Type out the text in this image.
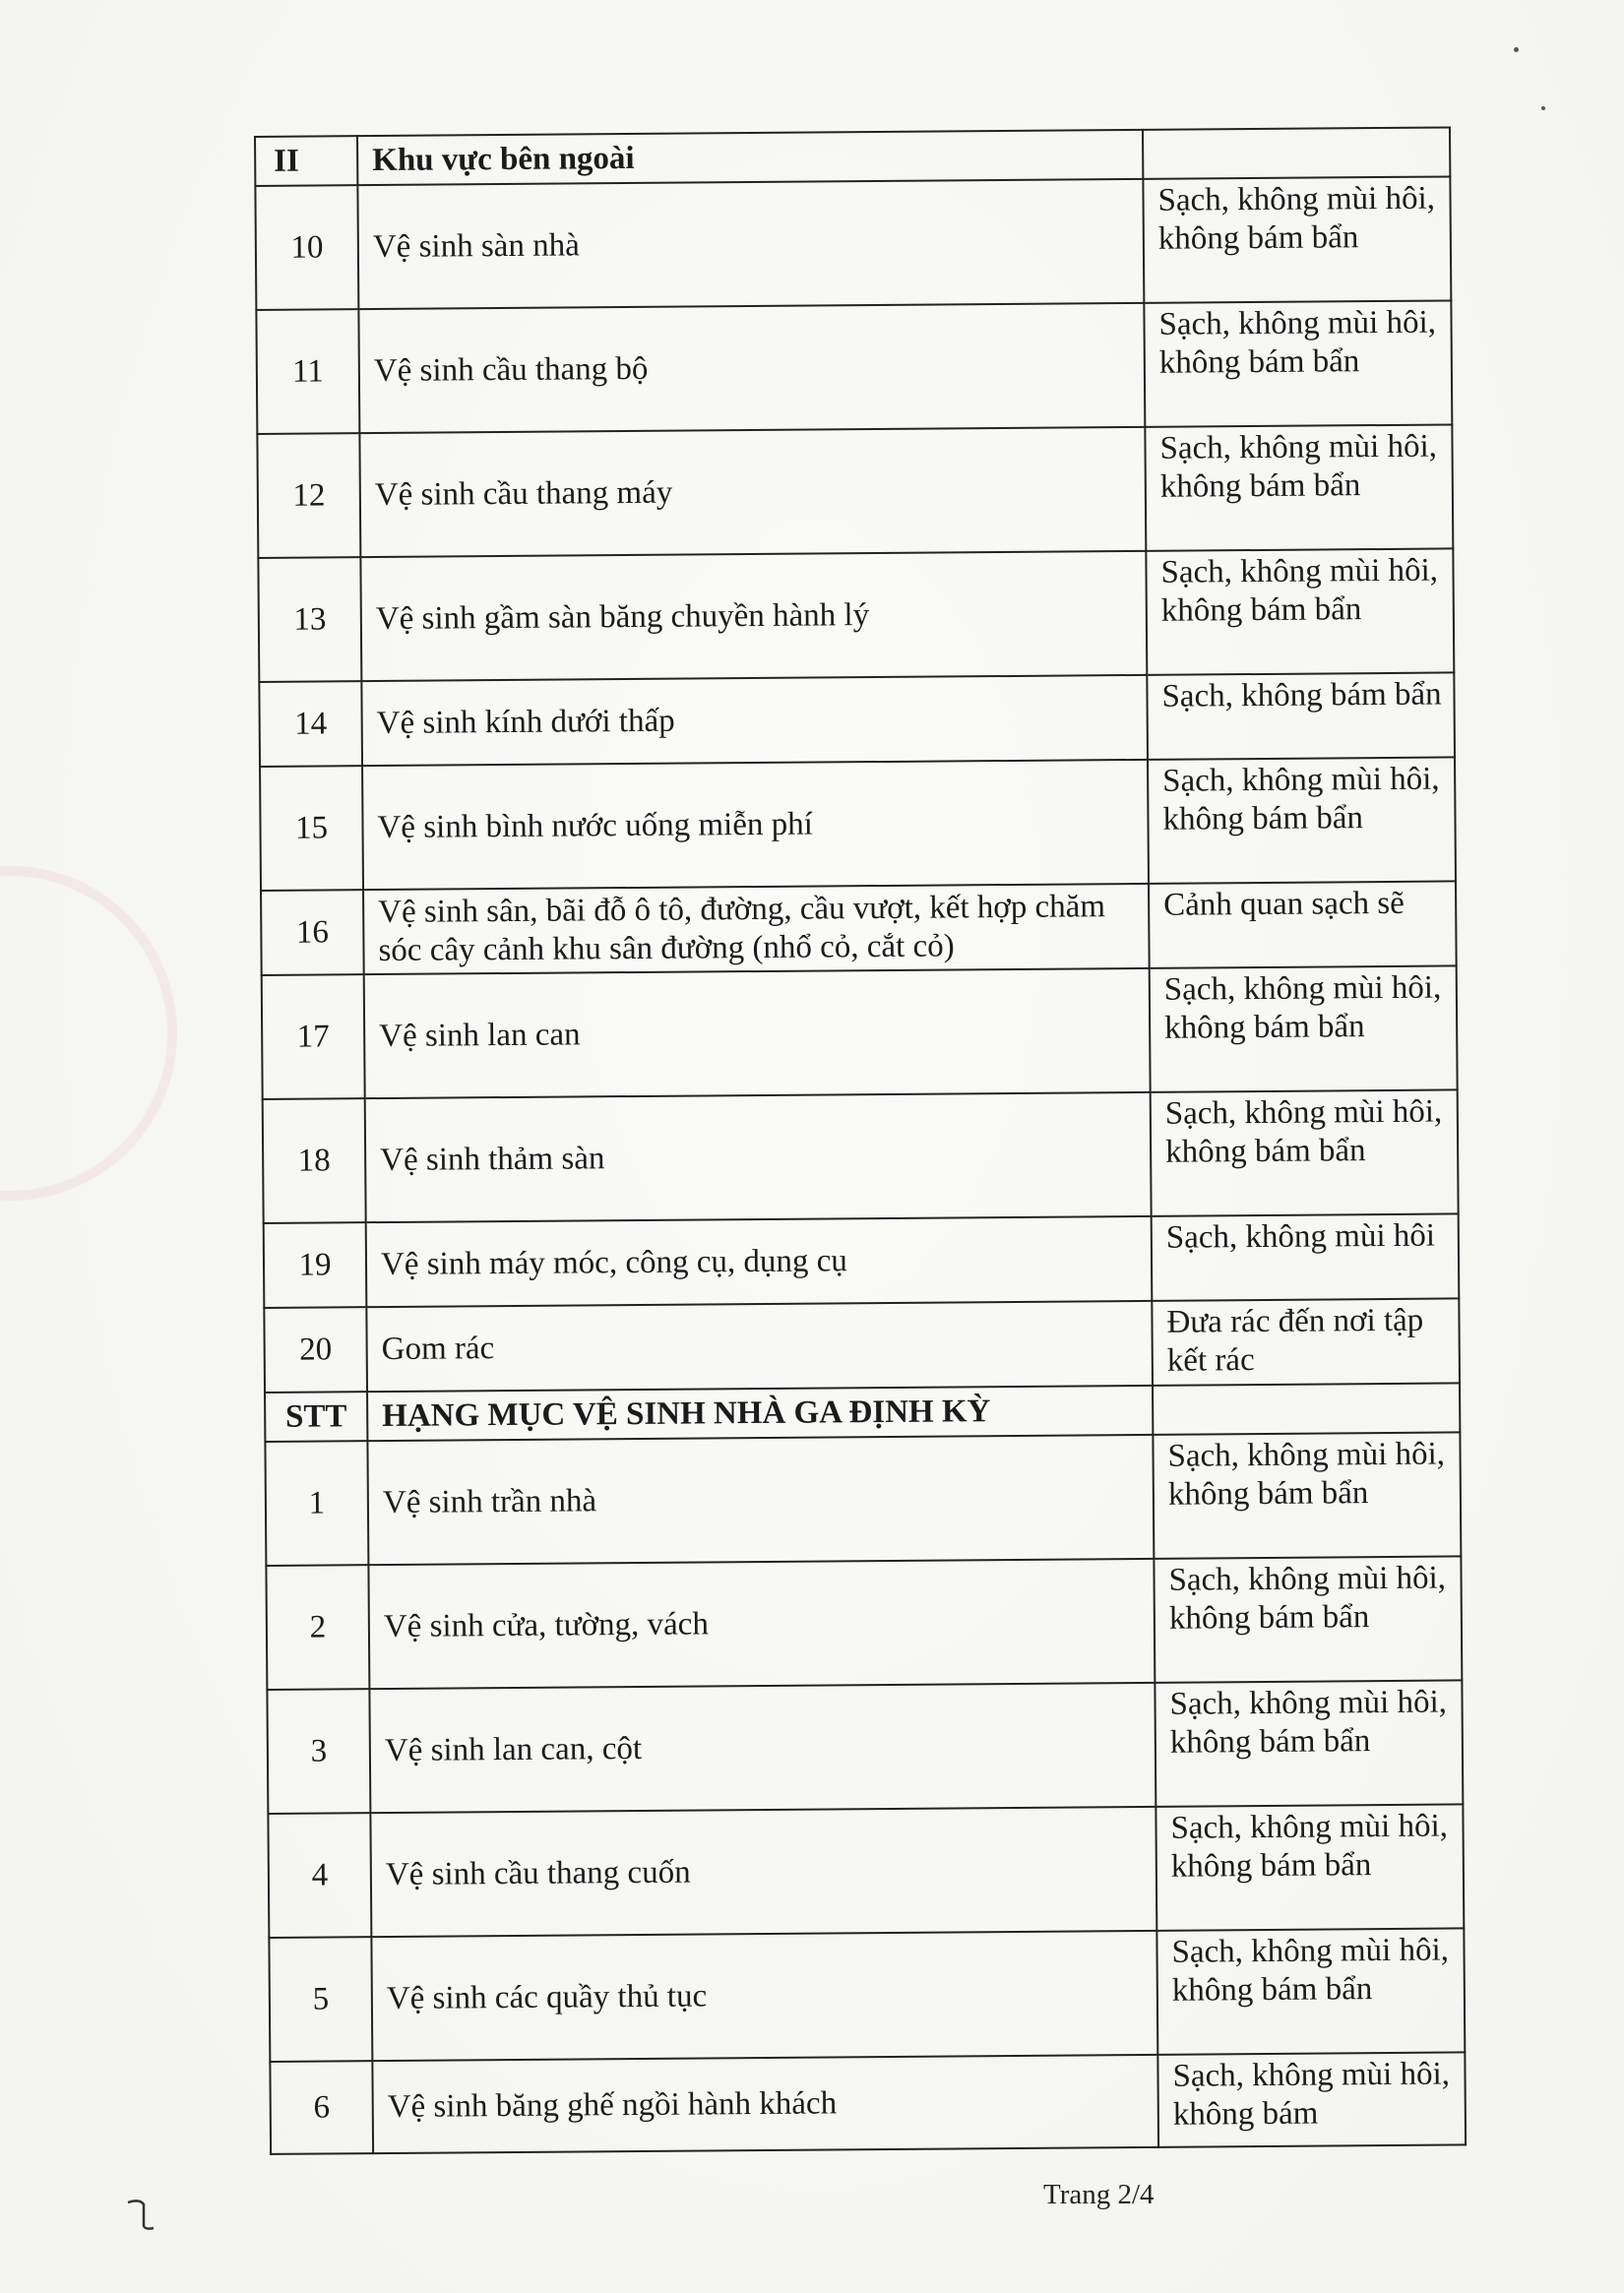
II	Khu vực bên ngoài	
10	Vệ sinh sàn nhà	Sạch, không mùi hôi, không bám bẩn
11	Vệ sinh cầu thang bộ	Sạch, không mùi hôi, không bám bẩn
12	Vệ sinh cầu thang máy	Sạch, không mùi hôi, không bám bẩn
13	Vệ sinh gầm sàn băng chuyền hành lý	Sạch, không mùi hôi, không bám bẩn
14	Vệ sinh kính dưới thấp	Sạch, không bám bẩn
15	Vệ sinh bình nước uống miễn phí	Sạch, không mùi hôi, không bám bẩn
16	Vệ sinh sân, bãi đỗ ô tô, đường, cầu vượt, kết hợp chăm sóc cây cảnh khu sân đường (nhổ cỏ, cắt cỏ)	Cảnh quan sạch sẽ
17	Vệ sinh lan can	Sạch, không mùi hôi, không bám bẩn
18	Vệ sinh thảm sàn	Sạch, không mùi hôi, không bám bẩn
19	Vệ sinh máy móc, công cụ, dụng cụ	Sạch, không mùi hôi
20	Gom rác	Đưa rác đến nơi tập kết rác
STT	HẠNG MỤC VỆ SINH NHÀ GA ĐỊNH KỲ	
1	Vệ sinh trần nhà	Sạch, không mùi hôi, không bám bẩn
2	Vệ sinh cửa, tường, vách	Sạch, không mùi hôi, không bám bẩn
3	Vệ sinh lan can, cột	Sạch, không mùi hôi, không bám bẩn
4	Vệ sinh cầu thang cuốn	Sạch, không mùi hôi, không bám bẩn
5	Vệ sinh các quầy thủ tục	Sạch, không mùi hôi, không bám bẩn
6	Vệ sinh băng ghế ngồi hành khách	Sạch, không mùi hôi, không bám
Trang 2/4
